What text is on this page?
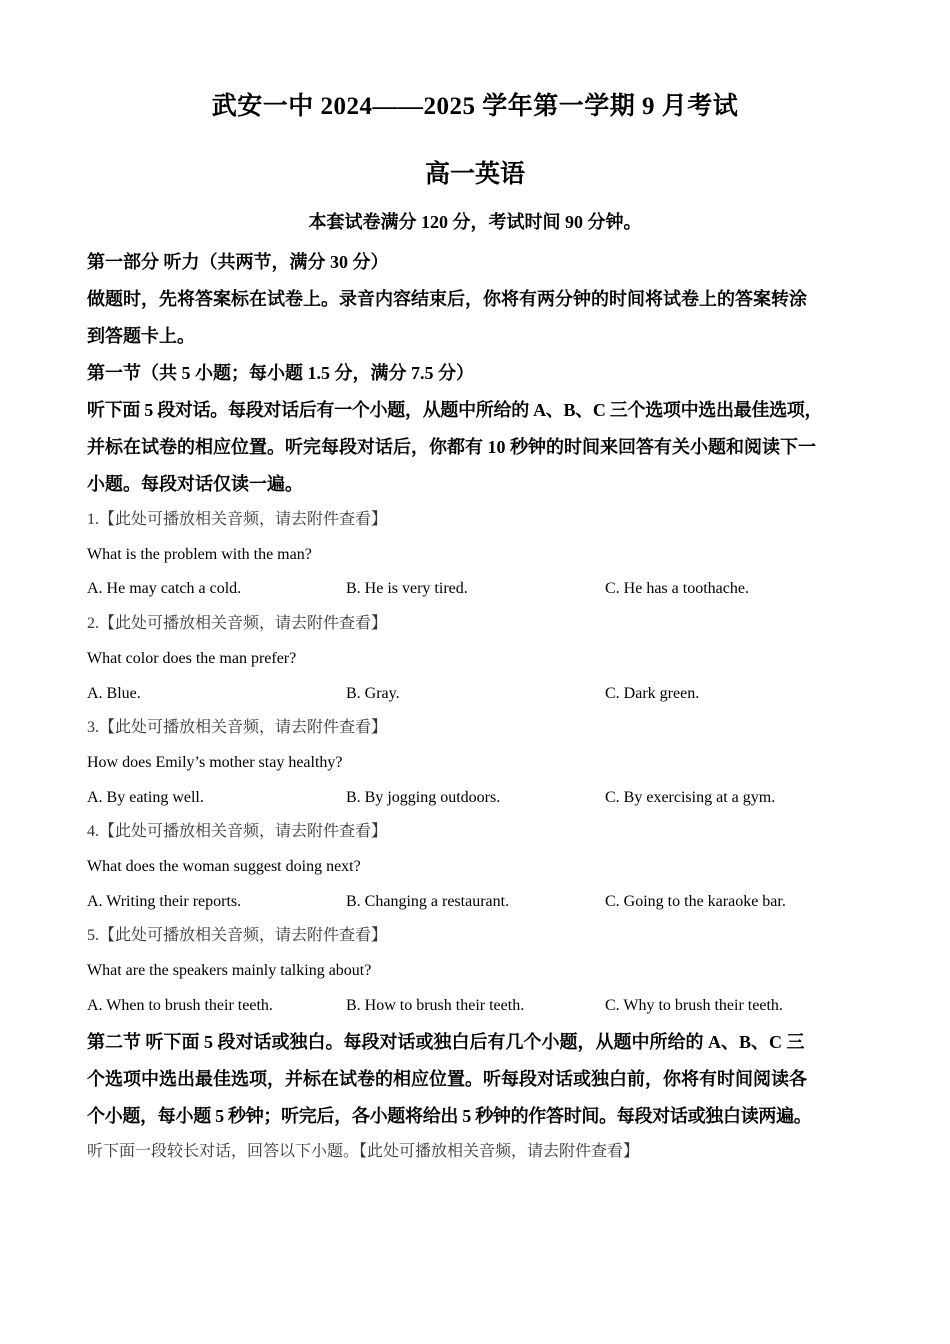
武安一中 2024——2025 学年第一学期 9 月考试
高一英语
本套试卷满分 120 分，考试时间 90 分钟。

第一部分 听力（共两节，满分 30 分）

做题时，先将答案标在试卷上。录音内容结束后，你将有两分钟的时间将试卷上的答案转涂

到答题卡上。

第一节（共 5 小题；每小题 1.5 分，满分 7.5 分）

听下面 5 段对话。每段对话后有一个小题，从题中所给的 A、B、C 三个选项中选出最佳选项，

并标在试卷的相应位置。听完每段对话后，你都有 10 秒钟的时间来回答有关小题和阅读下一

小题。每段对话仅读一遍。

1.【此处可播放相关音频，请去附件查看】

What is the problem with the man?

A. He may catch a cold.	B. He is very tired.	C. He has a toothache.

2.【此处可播放相关音频，请去附件查看】

What color does the man prefer?

A. Blue.	B. Gray.	C. Dark green.

3.【此处可播放相关音频，请去附件查看】

How does Emily’s mother stay healthy?

A. By eating well.	B. By jogging outdoors.	C. By exercising at a gym.

4.【此处可播放相关音频，请去附件查看】

What does the woman suggest doing next?

A. Writing their reports.	B. Changing a restaurant.	C. Going to the karaoke bar.

5.【此处可播放相关音频，请去附件查看】

What are the speakers mainly talking about?

A. When to brush their teeth.	B. How to brush their teeth.	C. Why to brush their teeth.

第二节 听下面 5 段对话或独白。每段对话或独白后有几个小题，从题中所给的 A、B、C 三

个选项中选出最佳选项，并标在试卷的相应位置。听每段对话或独白前，你将有时间阅读各

个小题，每小题 5 秒钟；听完后，各小题将给出 5 秒钟的作答时间。每段对话或独白读两遍。

听下面一段较长对话，回答以下小题。【此处可播放相关音频，请去附件查看】
